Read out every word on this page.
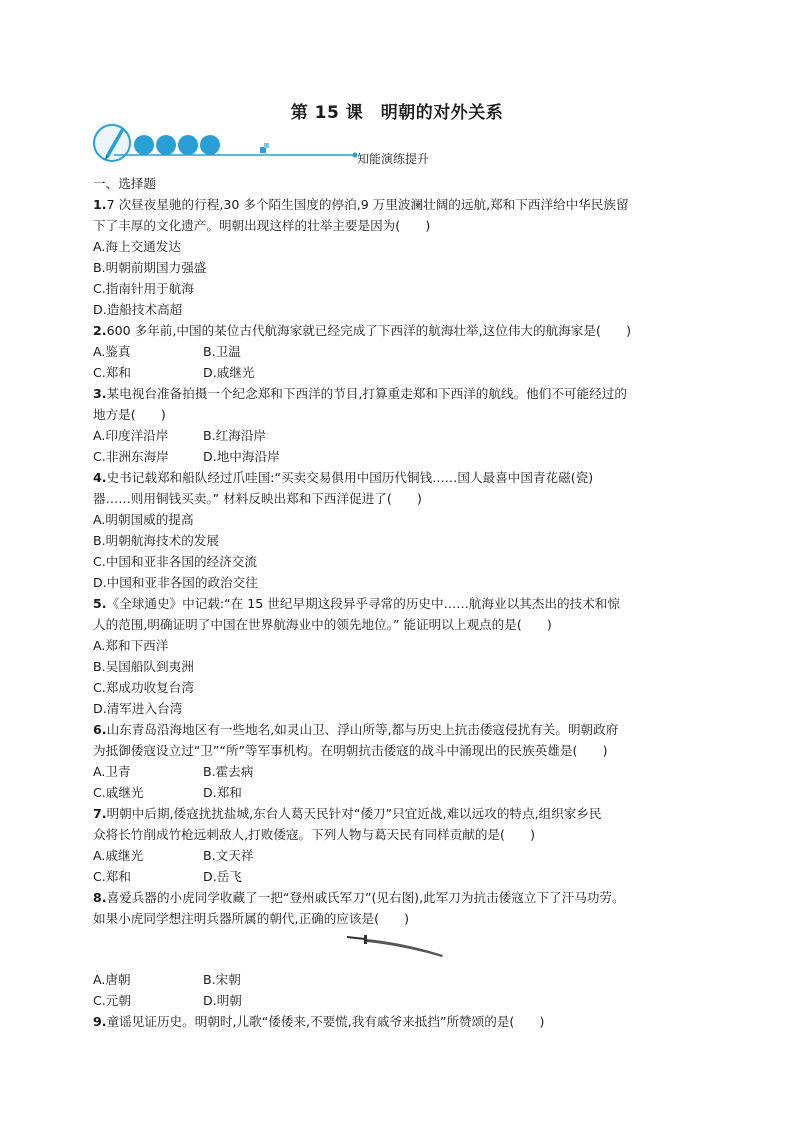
第 15 课　明朝的对外关系
知能演练提升
一、选择题
1.7 次昼夜星驰的行程,30 多个陌生国度的停泊,9 万里波澜壮阔的远航,郑和下西洋给中华民族留
下了丰厚的文化遗产。明朝出现这样的壮举主要是因为(　　)
A.海上交通发达
B.明朝前期国力强盛
C.指南针用于航海
D.造船技术高超
2.600 多年前,中国的某位古代航海家就已经完成了下西洋的航海壮举,这位伟大的航海家是(　　)
A.鉴真	B.卫温
C.郑和	D.戚继光
3.某电视台准备拍摄一个纪念郑和下西洋的节目,打算重走郑和下西洋的航线。他们不可能经过的
地方是(　　)
A.印度洋沿岸	B.红海沿岸
C.非洲东海岸	D.地中海沿岸
4.史书记载郑和船队经过爪哇国:“买卖交易俱用中国历代铜钱……国人最喜中国青花磁(瓷)
器……则用铜钱买卖。” 材料反映出郑和下西洋促进了(　　)
A.明朝国威的提高
B.明朝航海技术的发展
C.中国和亚非各国的经济交流
D.中国和亚非各国的政治交往
5.《全球通史》中记载:“在 15 世纪早期这段异乎寻常的历史中……航海业以其杰出的技术和惊
人的范围,明确证明了中国在世界航海业中的领先地位。” 能证明以上观点的是(　　)
A.郑和下西洋
B.吴国船队到夷洲
C.郑成功收复台湾
D.清军进入台湾
6.山东青岛沿海地区有一些地名,如灵山卫、浮山所等,都与历史上抗击倭寇侵扰有关。明朝政府
为抵御倭寇设立过“卫”“所”等军事机构。在明朝抗击倭寇的战斗中涌现出的民族英雄是(　　)
A.卫青	B.霍去病
C.戚继光	D.郑和
7.明朝中后期,倭寇扰扰盐城,东台人葛天民针对“倭刀”只宜近战,难以远攻的特点,组织家乡民
众将长竹削成竹枪远刺敌人,打败倭寇。下列人物与葛天民有同样贡献的是(　　)
A.戚继光	B.文天祥
C.郑和	D.岳飞
8.喜爱兵器的小虎同学收藏了一把“登州戚氏军刀”(见右图),此军刀为抗击倭寇立下了汗马功劳。
如果小虎同学想注明兵器所属的朝代,正确的应该是(　　)
A.唐朝	B.宋朝
C.元朝	D.明朝
9.童谣见证历史。明朝时,儿歌“倭倭来,不要慌,我有戚爷来抵挡”所赞颂的是(　　)
